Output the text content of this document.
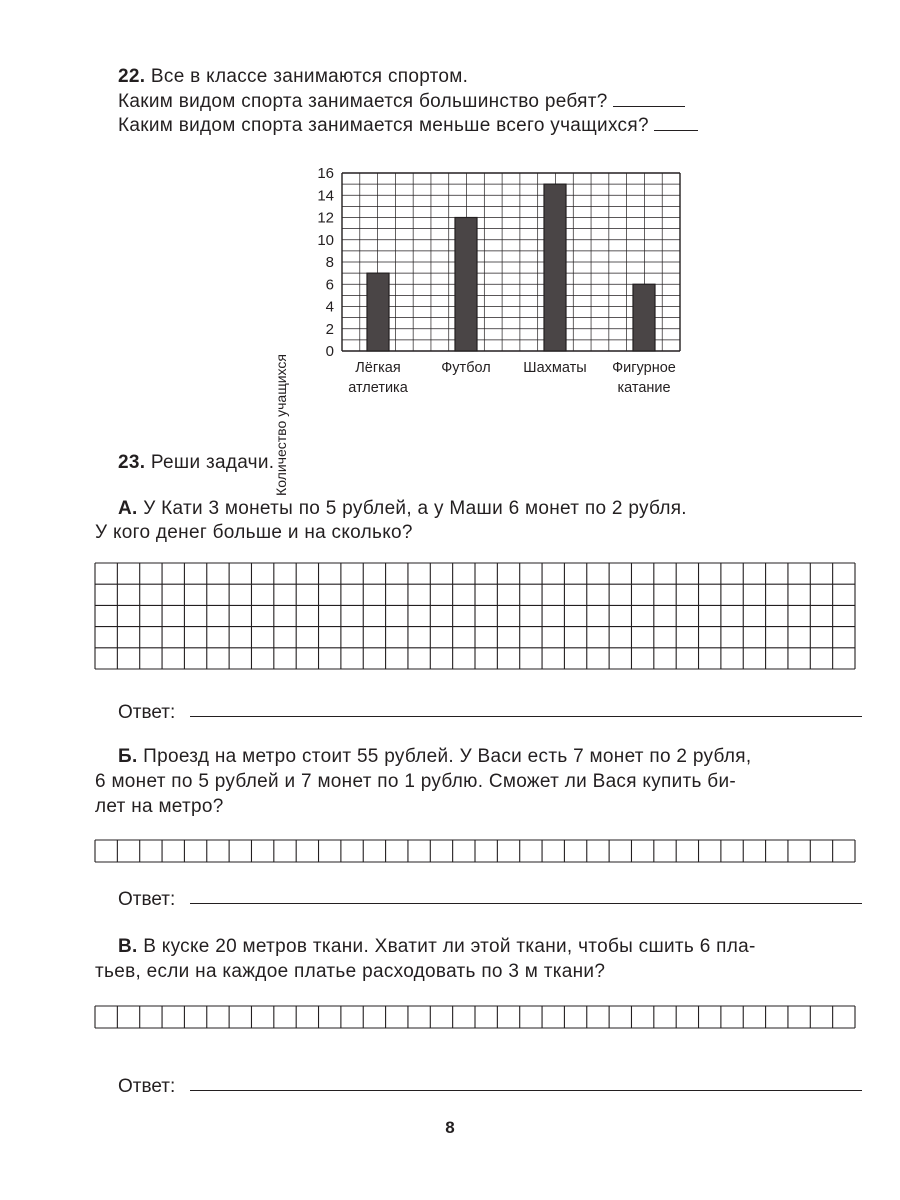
22. Все в классе занимаются спортом.
Каким видом спорта занимается большинство ребят?
Каким видом спорта занимается меньше всего учащихся?
0
2
4
6
8
10
12
14
16
Лёгкая
атлетика
Футбол Шахматы Фигурное
катание
Количество учащихся
23. Реши задачи.
А. У Кати 3 монеты по 5 рублей, а у Маши 6 монет по 2 рубля.
У кого денег больше и на сколько?
Ответ:
Б. Проезд на метро стоит 55 рублей. У Васи есть 7 монет по 2 рубля,
6 монет по 5 рублей и 7 монет по 1 рублю. Сможет ли Вася купить би-
лет на метро?
Ответ:
В. В куске 20 метров ткани. Хватит ли этой ткани, чтобы сшить 6 пла-
тьев, если на каждое платье расходовать по 3 м ткани?
Ответ:
8
